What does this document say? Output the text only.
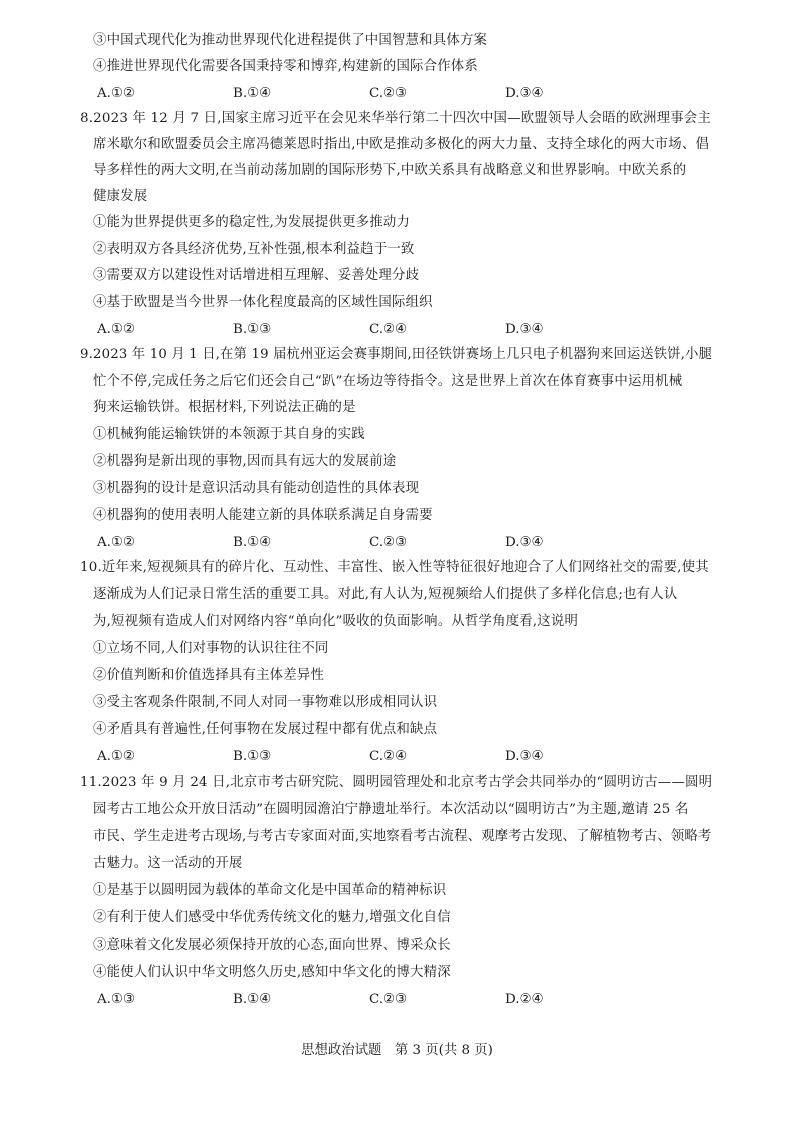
③中国式现代化为推动世界现代化进程提供了中国智慧和具体方案
④推进世界现代化需要各国秉持零和博弈,构建新的国际合作体系
A.①②	B.①④	C.②③	D.③④
8.2023 年 12 月 7 日,国家主席习近平在会见来华举行第二十四次中国—欧盟领导人会晤的欧洲理事会主
席米歇尔和欧盟委员会主席冯德莱恩时指出,中欧是推动多极化的两大力量、支持全球化的两大市场、倡
导多样性的两大文明,在当前动荡加剧的国际形势下,中欧关系具有战略意义和世界影响。中欧关系的
健康发展
①能为世界提供更多的稳定性,为发展提供更多推动力
②表明双方各具经济优势,互补性强,根本利益趋于一致
③需要双方以建设性对话增进相互理解、妥善处理分歧
④基于欧盟是当今世界一体化程度最高的区域性国际组织
A.①②	B.①③	C.②④	D.③④
9.2023 年 10 月 1 日,在第 19 届杭州亚运会赛事期间,田径铁饼赛场上几只电子机器狗来回运送铁饼,小腿
忙个不停,完成任务之后它们还会自己“趴”在场边等待指令。这是世界上首次在体育赛事中运用机械
狗来运输铁饼。根据材料,下列说法正确的是
①机械狗能运输铁饼的本领源于其自身的实践
②机器狗是新出现的事物,因而具有远大的发展前途
③机器狗的设计是意识活动具有能动创造性的具体表现
④机器狗的使用表明人能建立新的具体联系满足自身需要
A.①②	B.①④	C.②③	D.③④
10.近年来,短视频具有的碎片化、互动性、丰富性、嵌入性等特征很好地迎合了人们网络社交的需要,使其
逐渐成为人们记录日常生活的重要工具。对此,有人认为,短视频给人们提供了多样化信息;也有人认
为,短视频有造成人们对网络内容“单向化”吸收的负面影响。从哲学角度看,这说明
①立场不同,人们对事物的认识往往不同
②价值判断和价值选择具有主体差异性
③受主客观条件限制,不同人对同一事物难以形成相同认识
④矛盾具有普遍性,任何事物在发展过程中都有优点和缺点
A.①②	B.①③	C.②④	D.③④
11.2023 年 9 月 24 日,北京市考古研究院、圆明园管理处和北京考古学会共同举办的“圆明访古——圆明
园考古工地公众开放日活动”在圆明园澹泊宁静遗址举行。本次活动以“圆明访古”为主题,邀请 25 名
市民、学生走进考古现场,与考古专家面对面,实地察看考古流程、观摩考古发现、了解植物考古、领略考
古魅力。这一活动的开展
①是基于以圆明园为载体的革命文化是中国革命的精神标识
②有利于使人们感受中华优秀传统文化的魅力,增强文化自信
③意味着文化发展必须保持开放的心态,面向世界、博采众长
④能使人们认识中华文明悠久历史,感知中华文化的博大精深
A.①③	B.①④	C.②③	D.②④
思想政治试题　第 3 页(共 8 页)
